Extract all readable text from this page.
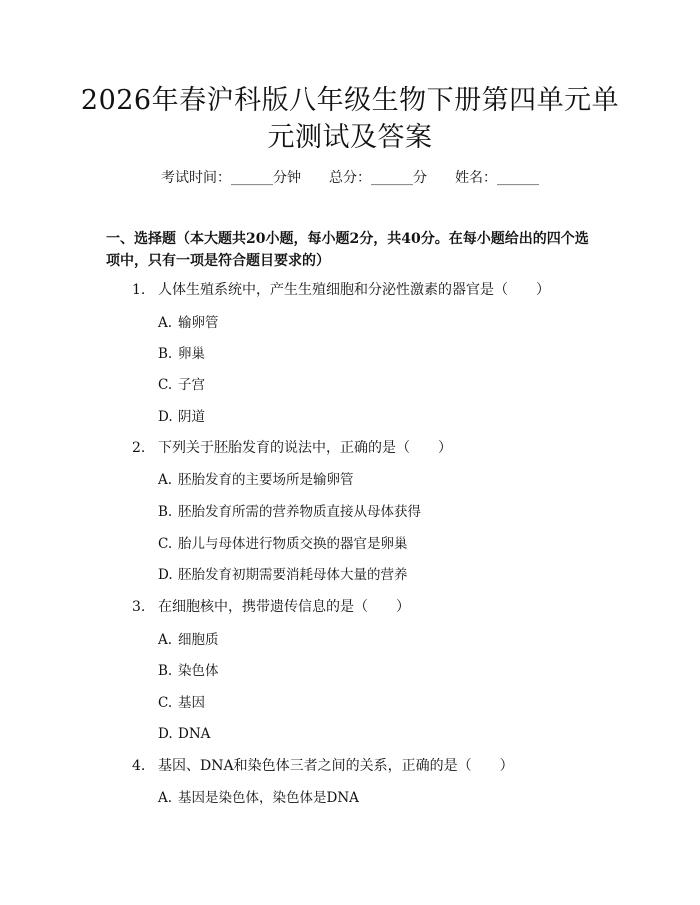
2026年春沪科版八年级生物下册第四单元单
元测试及答案
考试时间：______分钟 总分：______分 姓名：______
一、选择题（本大题共20小题，每小题2分，共40分。在每小题给出的四个选
项中，只有一项是符合题目要求的）
1. 人体生殖系统中，产生生殖细胞和分泌性激素的器官是（　　）
A. 输卵管
B. 卵巢
C. 子宫
D. 阴道
2. 下列关于胚胎发育的说法中，正确的是（　　）
A. 胚胎发育的主要场所是输卵管
B. 胚胎发育所需的营养物质直接从母体获得
C. 胎儿与母体进行物质交换的器官是卵巢
D. 胚胎发育初期需要消耗母体大量的营养
3. 在细胞核中，携带遗传信息的是（　　）
A. 细胞质
B. 染色体
C. 基因
D. DNA
4. 基因、DNA和染色体三者之间的关系，正确的是（　　）
A. 基因是染色体，染色体是DNA
